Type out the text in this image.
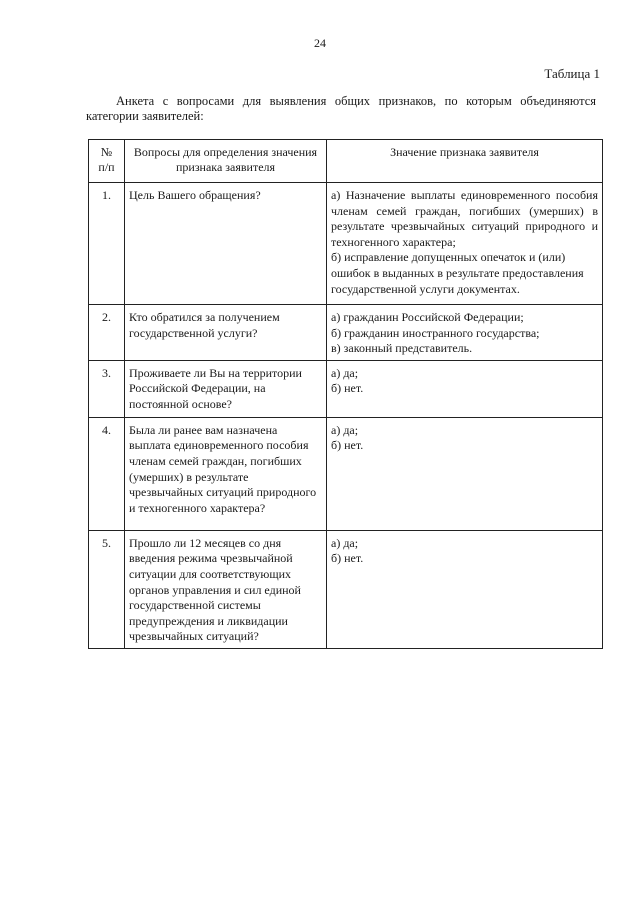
24
Таблица 1
Анкета с вопросами для выявления общих признаков, по которым объединяются категории заявителей:
№
п/п	Вопросы для определения значения признака заявителя	Значение признака заявителя
1.	Цель Вашего обращения?	а) Назначение выплаты единовременного пособия членам семей граждан, погибших (умерших) в результате чрезвычайных ситуаций природного и техногенного характера;
б) исправление допущенных опечаток и (или) ошибок в выданных в результате предоставления государственной услуги документах.

2.	Кто обратился за получением государственной услуги?	а) гражданин Российской Федерации;
б) гражданин иностранного государства;
в) законный представитель.

3.	Проживаете ли Вы на территории Российской Федерации, на постоянной основе?	а) да;
б) нет.

4.	Была ли ранее вам назначена выплата единовременного пособия членам семей граждан, погибших (умерших) в результате чрезвычайных ситуаций природного и техногенного характера?	а) да;
б) нет.

5.	Прошло ли 12 месяцев со дня введения режима чрезвычайной ситуации для соответствующих органов управления и сил единой государственной системы предупреждения и ликвидации чрезвычайных ситуаций?	а) да;
б) нет.
